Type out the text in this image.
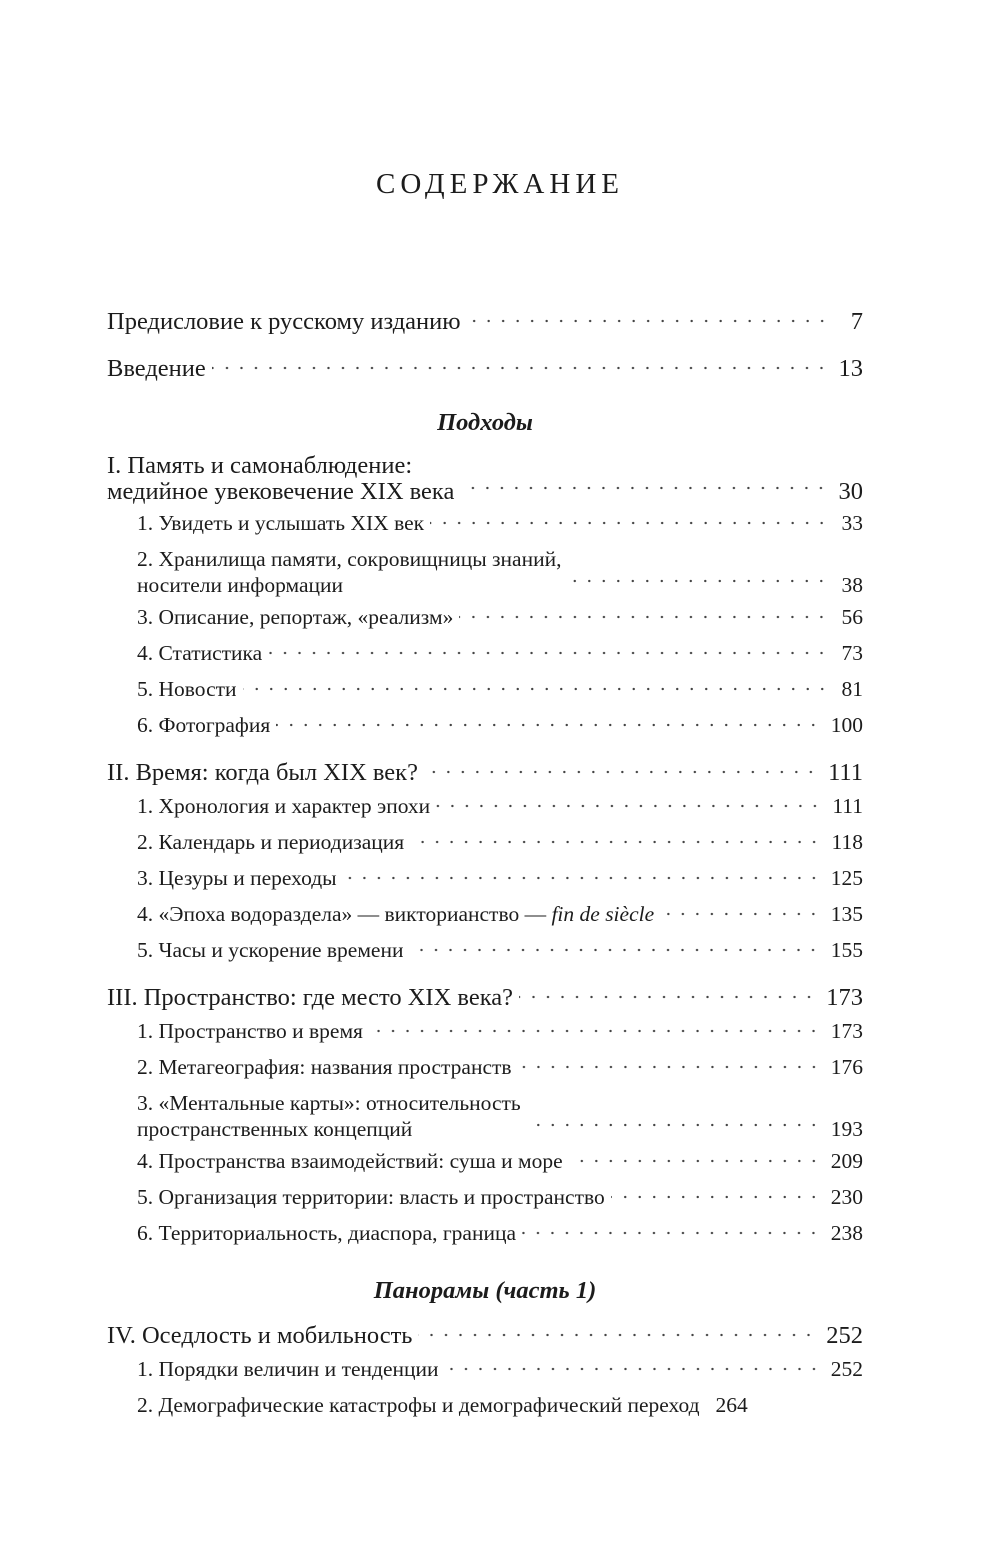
СОДЕРЖАНИЕ
Предисловие к русскому изданию	7
Введение	13
Подходы
I. Память и самонаблюдение:
медийное увековечение XIX века	30
1. Увидеть и услышать XIX век	33
2. Хранилища памяти, сокровищницы знаний,
носители информации	38
3. Описание, репортаж, «реализм»	56
4. Статистика	73
5. Новости	81
6. Фотография	100
II. Время: когда был XIX век?	111
1. Хронология и характер эпохи	111
2. Календарь и периодизация	118
3. Цезуры и переходы	125
4. «Эпоха водораздела» — викторианство — fin de siècle	135
5. Часы и ускорение времени	155
III. Пространство: где место XIX века?	173
1. Пространство и время	173
2. Метагеография: названия пространств	176
3. «Ментальные карты»: относительность
пространственных концепций	193
4. Пространства взаимодействий: суша и море	209
5. Организация территории: власть и пространство	230
6. Территориальность, диаспора, граница	238
Панорамы (часть 1)
IV. Оседлость и мобильность	252
1. Порядки величин и тенденции	252
2. Демографические катастрофы и демографический переход 264
